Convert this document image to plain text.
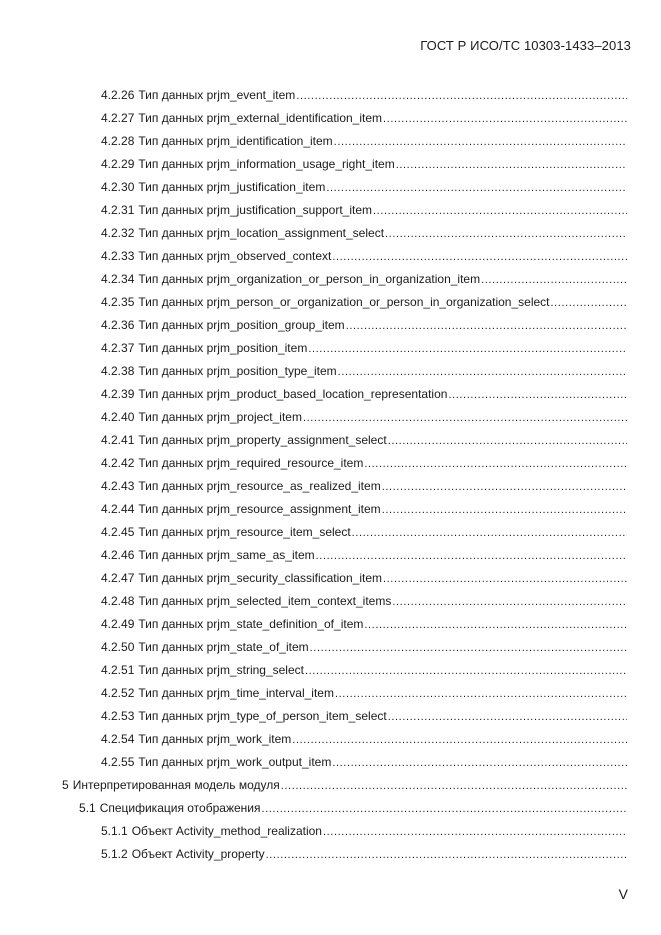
ГОСТ Р ИСО/ТС 10303-1433–2013
4.2.26 Тип данных prjm_event_item
.....
4.2.27 Тип данных prjm_external_identification_item
.....
4.2.28 Тип данных prjm_identification_item
.....
4.2.29 Тип данных prjm_information_usage_right_item
.....
4.2.30 Тип данных prjm_justification_item
.....
4.2.31 Тип данных prjm_justification_support_item
.....
4.2.32 Тип данных prjm_location_assignment_select
.....
4.2.33 Тип данных prjm_observed_context
.....
4.2.34 Тип данных prjm_organization_or_person_in_organization_item
.....
4.2.35 Тип данных prjm_person_or_organization_or_person_in_organization_select
.....
4.2.36 Тип данных prjm_position_group_item
.....
4.2.37 Тип данных prjm_position_item
.....
4.2.38 Тип данных prjm_position_type_item
.....
4.2.39 Тип данных prjm_product_based_location_representation
.....
4.2.40 Тип данных prjm_project_item
.....
4.2.41 Тип данных prjm_property_assignment_select
.....
4.2.42 Тип данных prjm_required_resource_item
.....
4.2.43 Тип данных prjm_resource_as_realized_item
.....
4.2.44 Тип данных prjm_resource_assignment_item
.....
4.2.45 Тип данных prjm_resource_item_select
.....
4.2.46 Тип данных prjm_same_as_item
.....
4.2.47 Тип данных prjm_security_classification_item
.....
4.2.48 Тип данных prjm_selected_item_context_items
.....
4.2.49 Тип данных prjm_state_definition_of_item
.....
4.2.50 Тип данных prjm_state_of_item
.....
4.2.51 Тип данных prjm_string_select
.....
4.2.52 Тип данных prjm_time_interval_item
.....
4.2.53 Тип данных prjm_type_of_person_item_select
.....
4.2.54 Тип данных prjm_work_item
.....
4.2.55 Тип данных prjm_work_output_item
.....
5 Интерпретированная модель модуля
.....
5.1 Спецификация отображения
.....
5.1.1 Объект Activity_method_realization
.....
5.1.2 Объект Activity_property
.....
V
